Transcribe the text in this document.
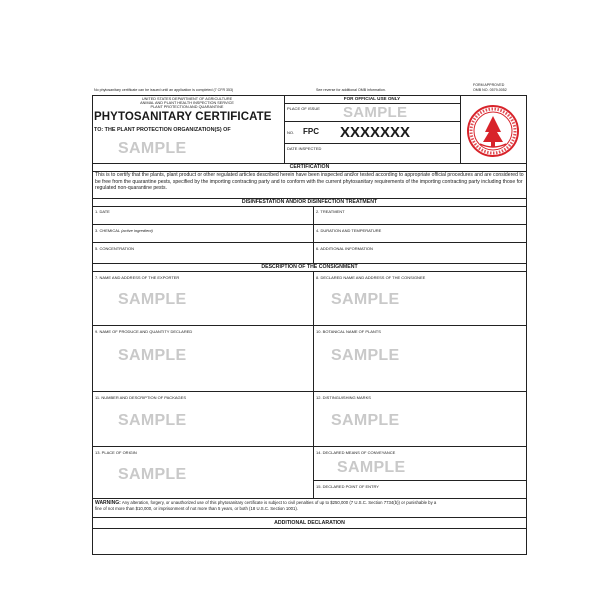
No phytosanitary certificate can be issued until an application is completed (7 CFR 353)	See reverse for additional OMB information.
FORM APPROVED
OMB NO. 0579-0052
UNITED STATES DEPARTMENT OF AGRICULTURE
ANIMAL AND PLANT HEALTH INSPECTION SERVICE
PLANT PROTECTION AND QUARANTINE
PHYTOSANITARY CERTIFICATE
TO: THE PLANT PROTECTION ORGANIZATION(S) OF
SAMPLE
FOR OFFICIAL USE ONLY
PLACE OF ISSUE SAMPLE
NO. FPC XXXXXXX
DATE INSPECTED
CERTIFICATION
This is to certify that the plants, plant product or other regulated articles described herein have been inspected and/or tested according to appropriate official procedures and are considered to be free from the quarantine pests, specified by the importing contracting party and to conform with the current phytosanitary requirements of the importing contracting party including those for regulated non-quarantine pests.
DISINFESTATION AND/OR DISINFECTION TREATMENT
1. DATE	2. TREATMENT
3. CHEMICAL (active ingredient)	4. DURATION AND TEMPERATURE
5. CONCENTRATION	6. ADDITIONAL INFORMATION
DESCRIPTION OF THE CONSIGNMENT
7. NAME AND ADDRESS OF THE EXPORTER	8. DECLARED NAME AND ADDRESS OF THE CONSIGNEE
SAMPLE	SAMPLE
9. NAME OF PRODUCE AND QUANTITY DECLARED	10. BOTANICAL NAME OF PLANTS
SAMPLE	SAMPLE
11. NUMBER AND DESCRIPTION OF PACKAGES	12. DISTINGUISHING MARKS
SAMPLE	SAMPLE
13. PLACE OF ORIGIN	14. DECLARED MEANS OF CONVEYANCE
SAMPLE	SAMPLE
15. DECLARED POINT OF ENTRY
WARNING: Any alteration, forgery, or unauthorized use of this phytosanitary certificate is subject to civil penalties of up to $250,000 (7 U.S.C. Section 7734(b)) or punishable by a
fine of not more than $10,000, or imprisonment of not more than 5 years, or both (18 U.S.C. Section 1001).
ADDITIONAL DECLARATION
